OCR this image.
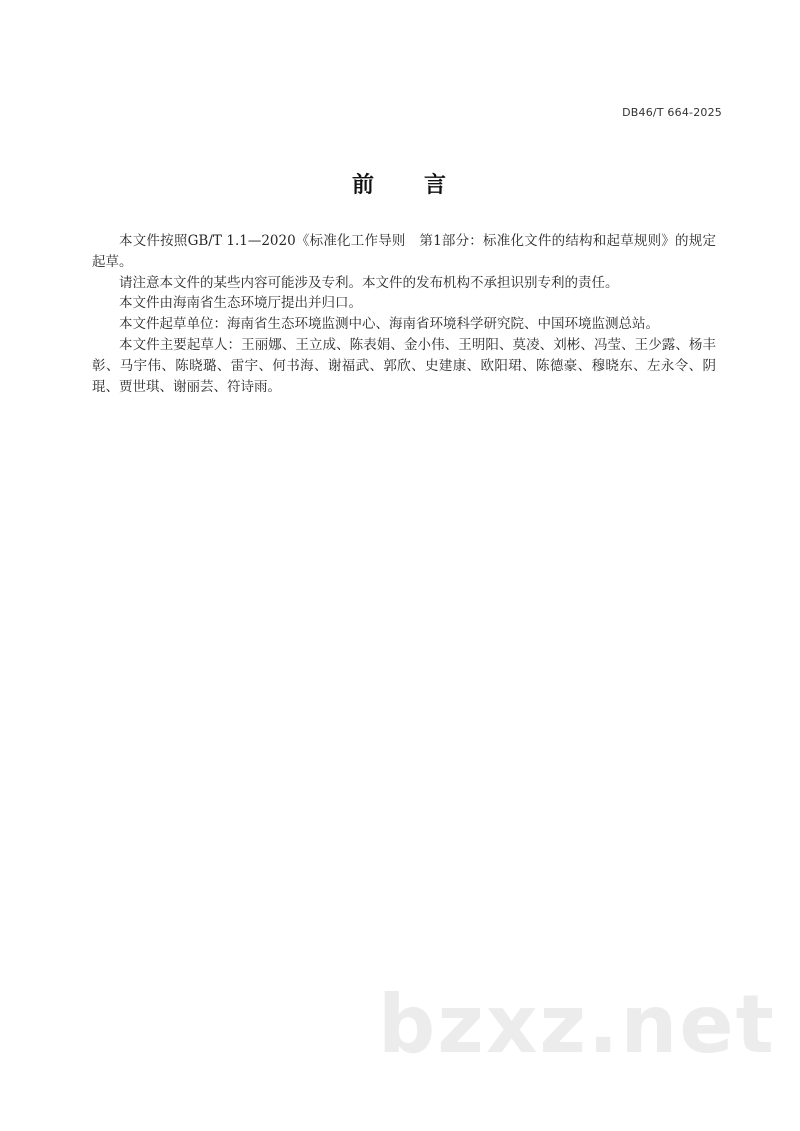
DB46/T 664-2025
前　　言

本文件按照GB/T 1.1—2020《标准化工作导则　第1部分：标准化文件的结构和起草规则》的规定起草。

请注意本文件的某些内容可能涉及专利。本文件的发布机构不承担识别专利的责任。

本文件由海南省生态环境厅提出并归口。

本文件起草单位：海南省生态环境监测中心、海南省环境科学研究院、中国环境监测总站。

本文件主要起草人：王丽娜、王立成、陈表娟、金小伟、王明阳、莫凌、刘彬、冯莹、王少露、杨丰彰、马宇伟、陈晓璐、雷宇、何书海、谢福武、郭欣、史建康、欧阳珺、陈德豪、穆晓东、左永令、阴琨、贾世琪、谢丽芸、符诗雨。

bzxz.net
